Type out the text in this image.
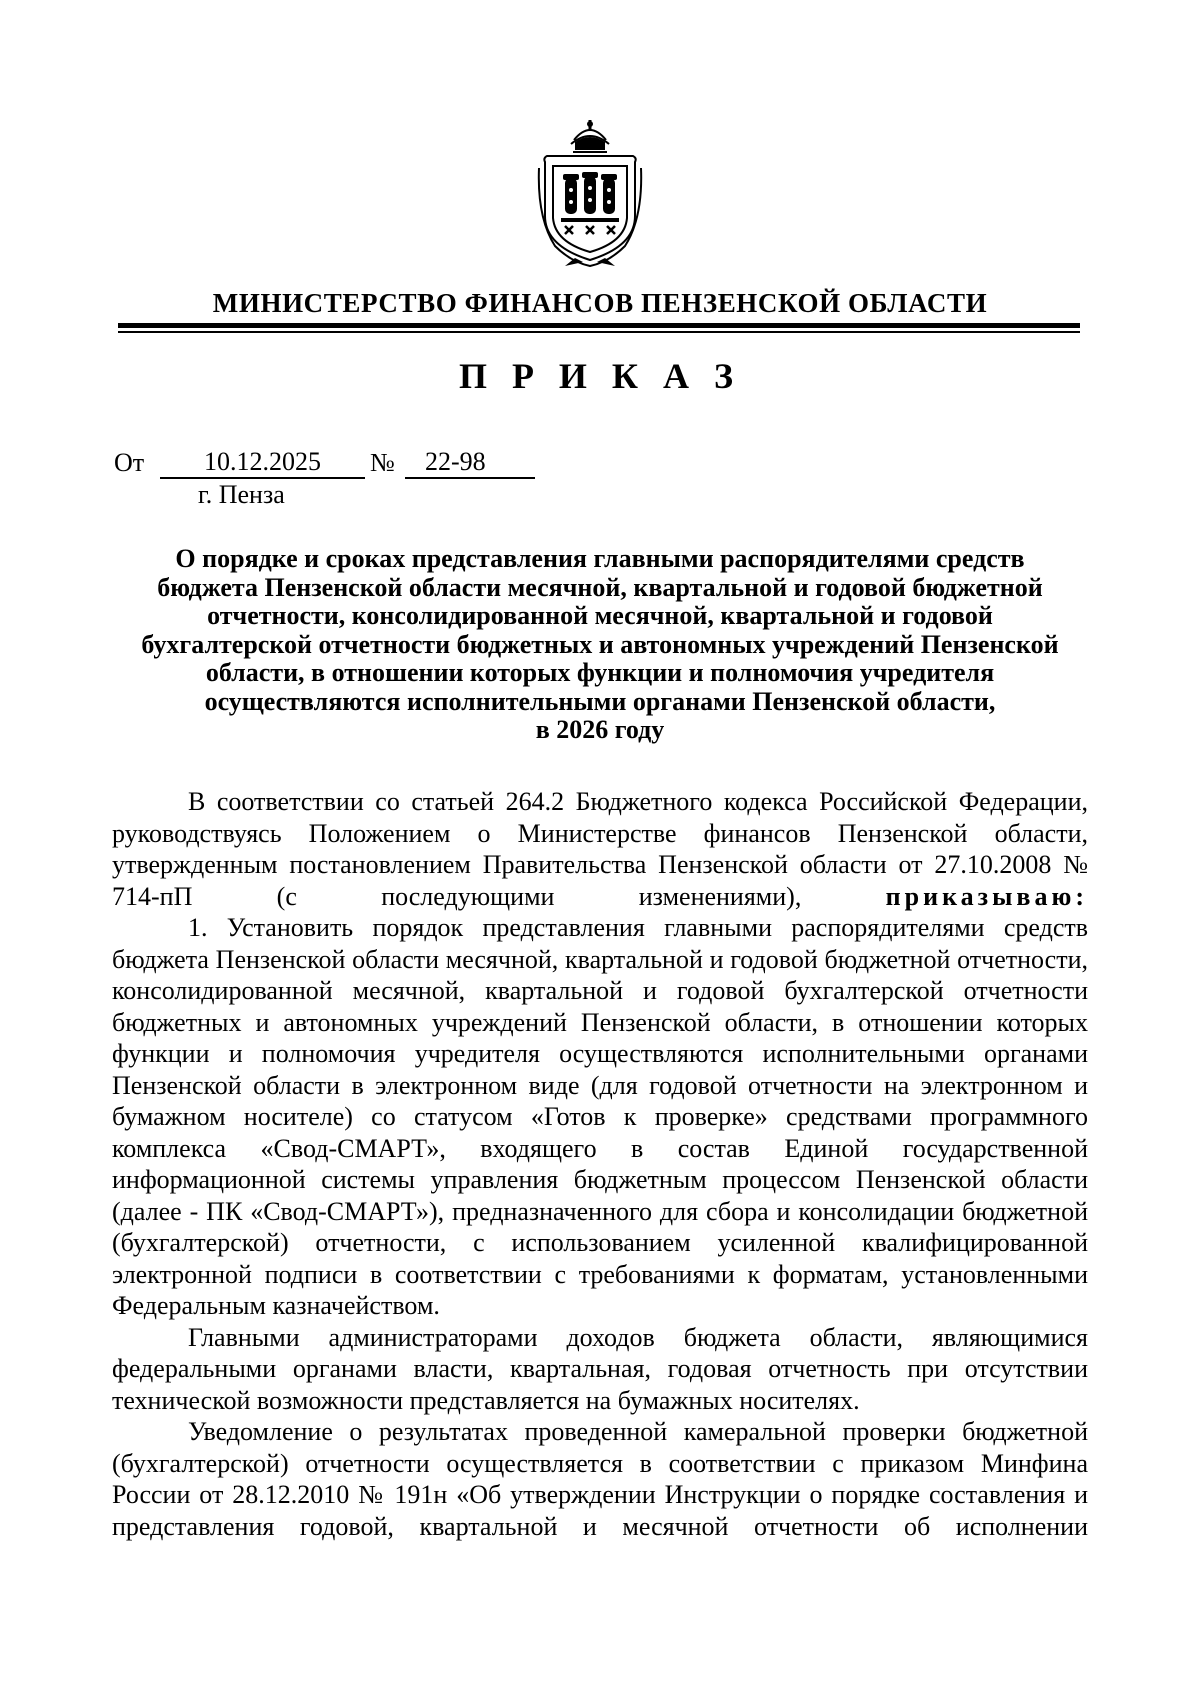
МИНИСТЕРСТВО ФИНАНСОВ ПЕНЗЕНСКОЙ ОБЛАСТИ
П Р И К А З
От	10.12.2025	№	22-98
г. Пенза
О порядке и сроках представления главными распорядителями средств
бюджета Пензенской области месячной, квартальной и годовой бюджетной
отчетности, консолидированной месячной, квартальной и годовой
бухгалтерской отчетности бюджетных и автономных учреждений Пензенской
области, в отношении которых функции и полномочия учредителя
осуществляются исполнительными органами Пензенской области,
в 2026 году

В соответствии со статьей 264.2 Бюджетного кодекса Российской Федерации, руководствуясь Положением о Министерстве финансов Пензенской области, утвержденным постановлением Правительства Пензенской области от 27.10.2008 № 714-пП (с последующими изменениями),	приказываю:

1. Установить порядок представления главными распорядителями средств бюджета Пензенской области месячной, квартальной и годовой бюджетной отчетности, консолидированной месячной, квартальной и годовой бухгалтерской отчетности бюджетных и автономных учреждений Пензенской области, в отношении которых функции и полномочия учредителя осуществляются исполнительными органами Пензенской области в электронном виде (для годовой отчетности на электронном и бумажном носителе) со статусом «Готов к проверке» средствами программного комплекса «Свод-СМАРТ», входящего в состав Единой государственной информационной системы управления бюджетным процессом Пензенской области (далее - ПК «Свод-СМАРТ»), предназначенного для сбора и консолидации бюджетной (бухгалтерской) отчетности, с использованием усиленной квалифицированной электронной подписи в соответствии с требованиями к форматам, установленными Федеральным казначейством.

Главными администраторами доходов бюджета области, являющимися федеральными органами власти, квартальная, годовая отчетность при отсутствии технической возможности представляется на бумажных носителях.

Уведомление о результатах проведенной камеральной проверки бюджетной (бухгалтерской) отчетности осуществляется в соответствии с приказом Минфина России от 28.12.2010 № 191н «Об утверждении Инструкции о порядке составления и представления годовой, квартальной и месячной отчетности об исполнении
